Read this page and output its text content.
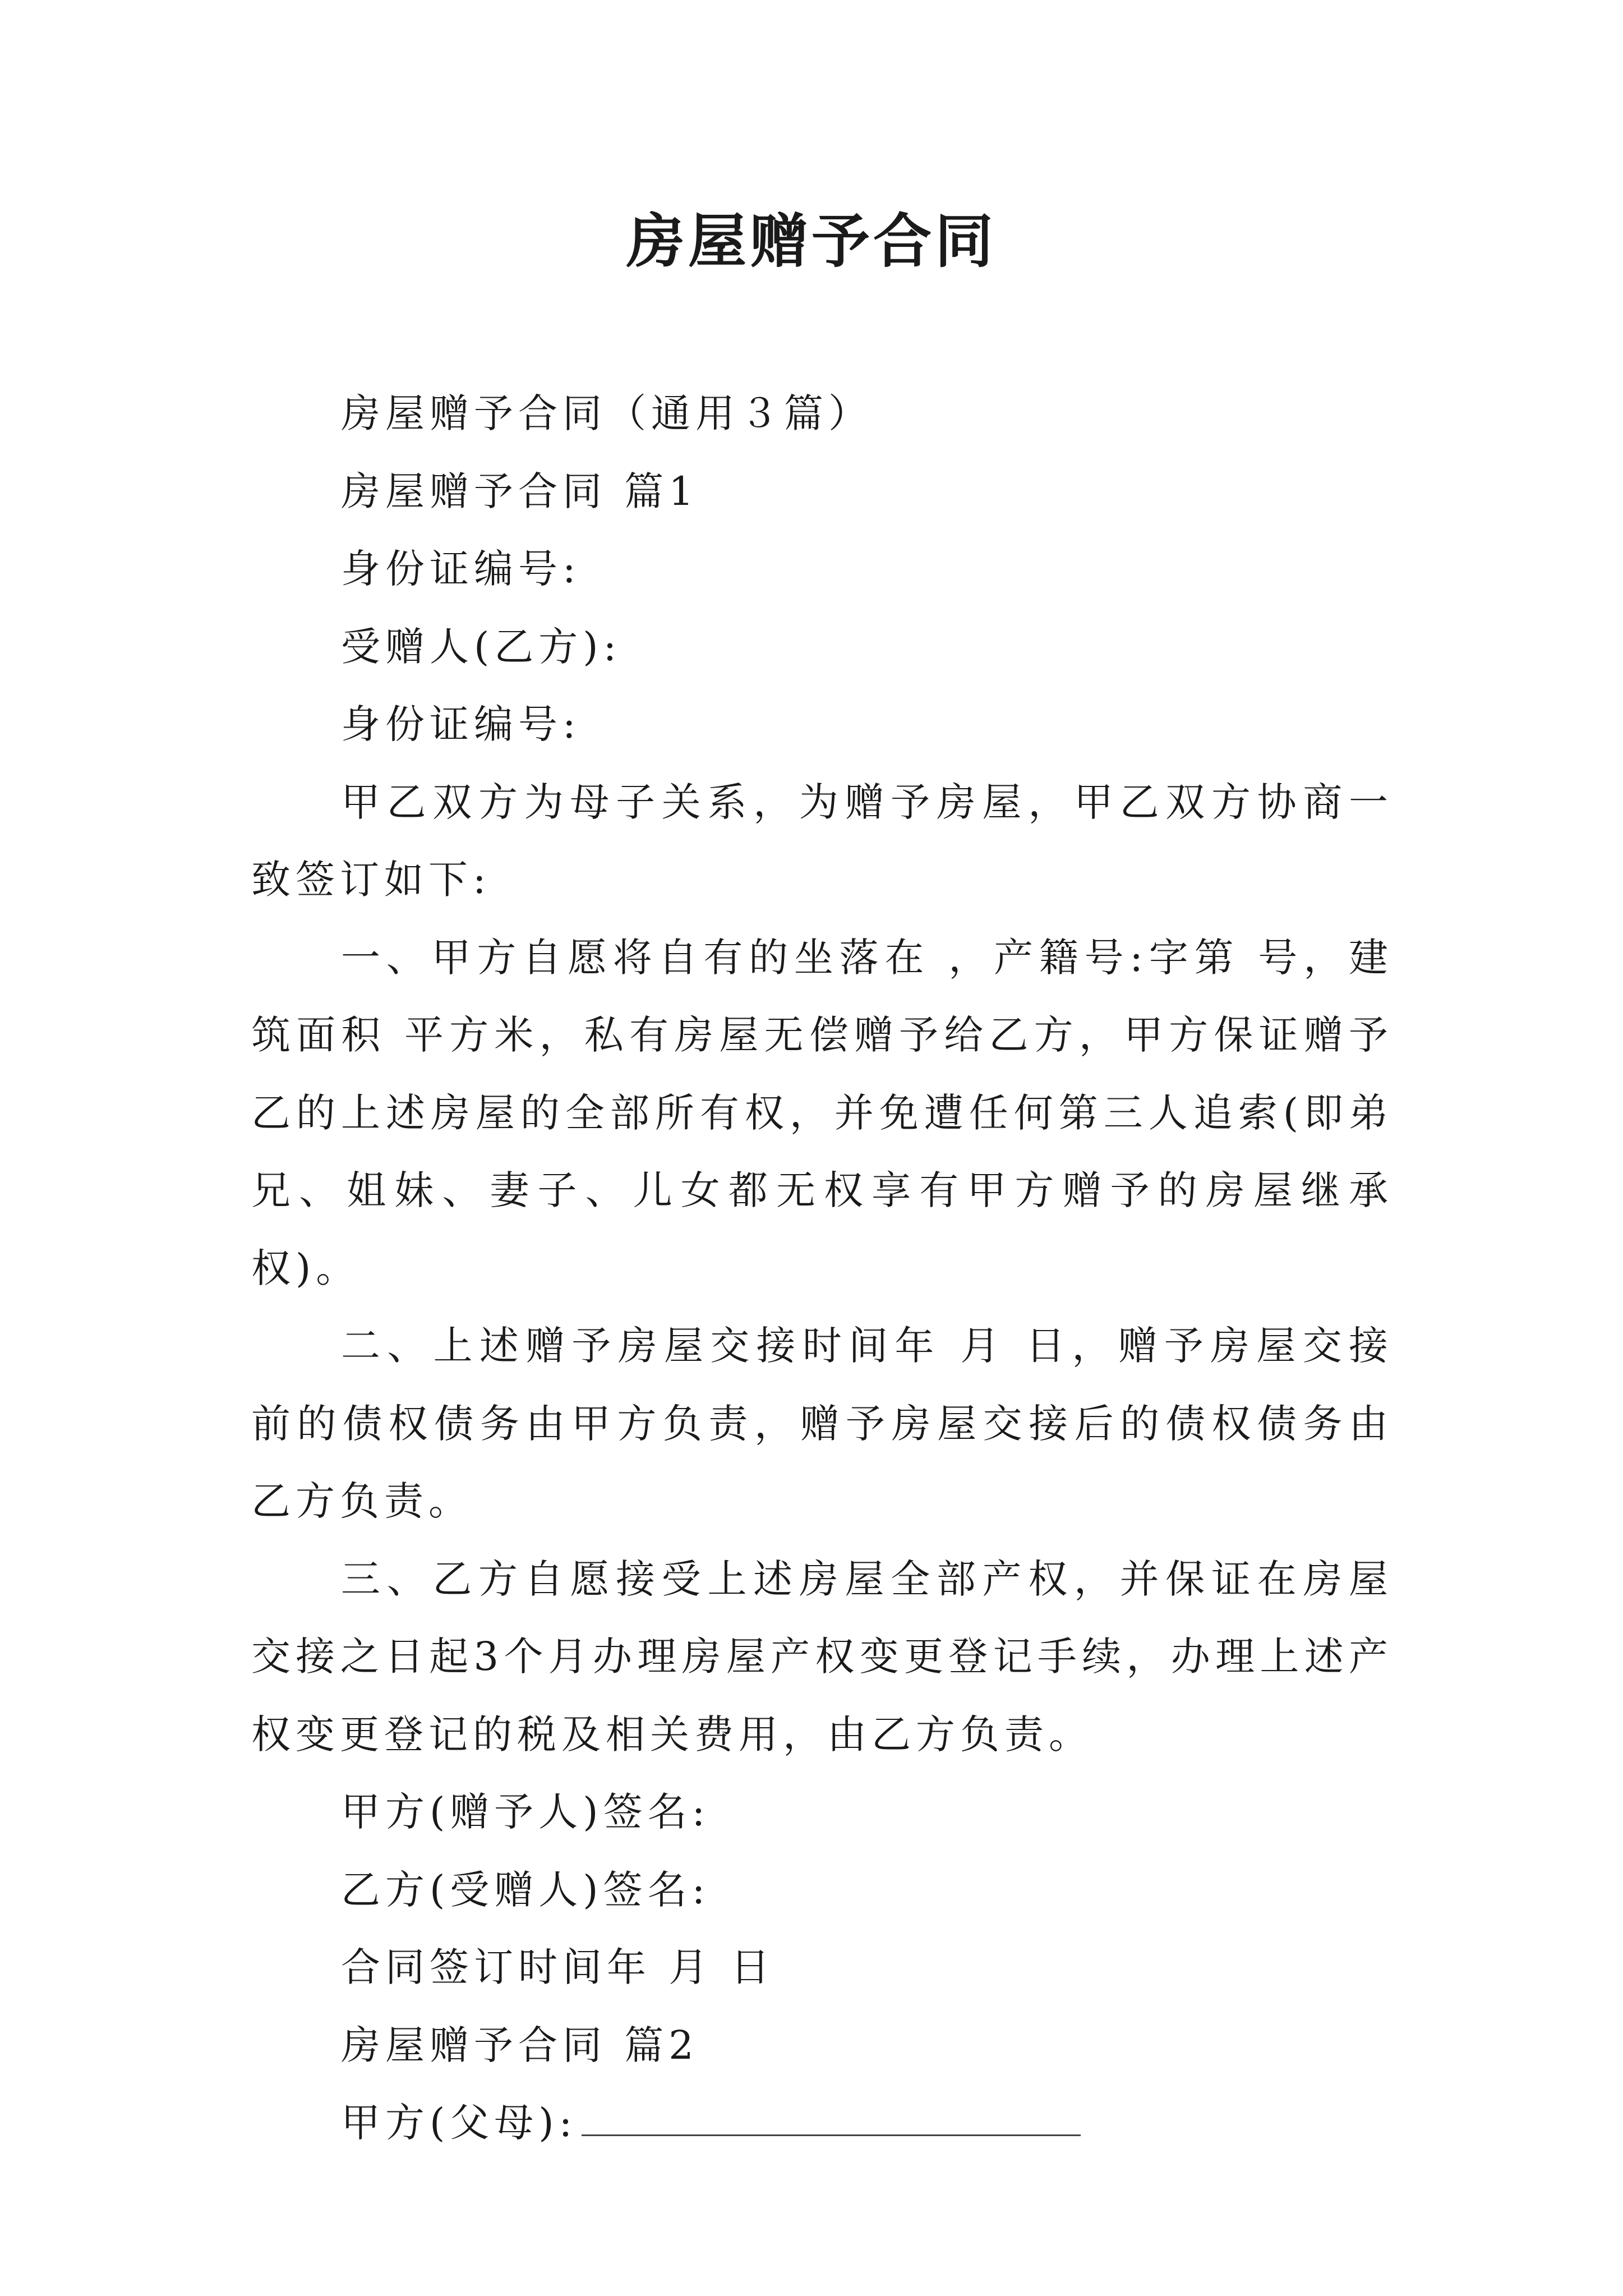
房屋赠予合同

房屋赠予合同（通用３篇）

房屋赠予合同 篇1

身份证编号:

受赠人(乙方):

身份证编号:

甲乙双方为母子关系，为赠予房屋，甲乙双方协商一致签订如下:

一、甲方自愿将自有的坐落在 ，产籍号:字第 号，建筑面积 平方米，私有房屋无偿赠予给乙方，甲方保证赠予乙的上述房屋的全部所有权，并免遭任何第三人追索(即弟兄、姐妹、妻子、儿女都无权享有甲方赠予的房屋继承权)。

二、上述赠予房屋交接时间年 月 日，赠予房屋交接前的债权债务由甲方负责，赠予房屋交接后的债权债务由乙方负责。

三、乙方自愿接受上述房屋全部产权，并保证在房屋交接之日起3个月办理房屋产权变更登记手续，办理上述产权变更登记的税及相关费用，由乙方负责。

甲方(赠予人)签名:

乙方(受赠人)签名:

合同签订时间年 月 日

房屋赠予合同 篇2

甲方(父母):
